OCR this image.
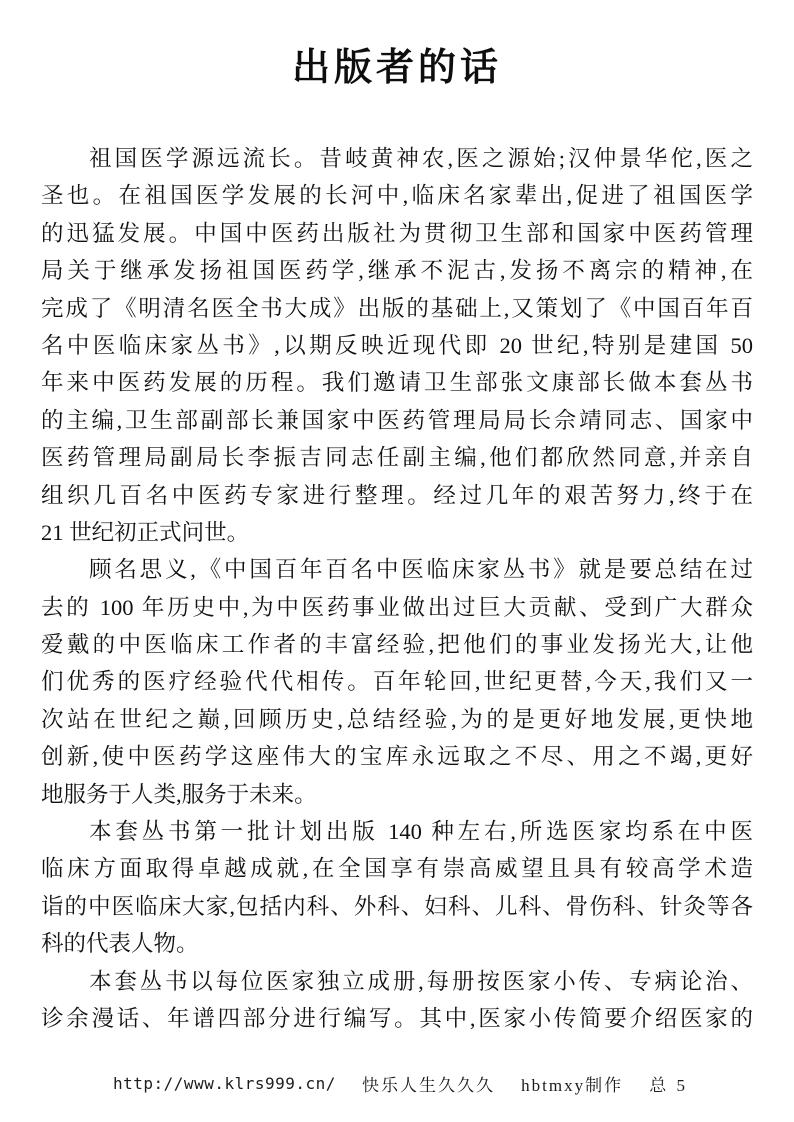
出版者的话
祖国医学源远流长。昔岐黄神农,医之源始;汉仲景华佗,医之
圣也。在祖国医学发展的长河中,临床名家辈出,促进了祖国医学
的迅猛发展。中国中医药出版社为贯彻卫生部和国家中医药管理
局关于继承发扬祖国医药学,继承不泥古,发扬不离宗的精神,在
完成了《明清名医全书大成》出版的基础上,又策划了《中国百年百
名中医临床家丛书》,以期反映近现代即 20 世纪,特别是建国 50
年来中医药发展的历程。我们邀请卫生部张文康部长做本套丛书
的主编,卫生部副部长兼国家中医药管理局局长佘靖同志、国家中
医药管理局副局长李振吉同志任副主编,他们都欣然同意,并亲自
组织几百名中医药专家进行整理。经过几年的艰苦努力,终于在
21 世纪初正式问世。
顾名思义,《中国百年百名中医临床家丛书》就是要总结在过
去的 100 年历史中,为中医药事业做出过巨大贡献、受到广大群众
爱戴的中医临床工作者的丰富经验,把他们的事业发扬光大,让他
们优秀的医疗经验代代相传。百年轮回,世纪更替,今天,我们又一
次站在世纪之巅,回顾历史,总结经验,为的是更好地发展,更快地
创新,使中医药学这座伟大的宝库永远取之不尽、用之不竭,更好
地服务于人类,服务于未来。
本套丛书第一批计划出版 140 种左右,所选医家均系在中医
临床方面取得卓越成就,在全国享有崇高威望且具有较高学术造
诣的中医临床大家,包括内科、外科、妇科、儿科、骨伤科、针灸等各
科的代表人物。
本套丛书以每位医家独立成册,每册按医家小传、专病论治、
诊余漫话、年谱四部分进行编写。其中,医家小传简要介绍医家的
http://www.klrs999.cn/ 快乐人生久久久 hbtmxy制作 总 5
